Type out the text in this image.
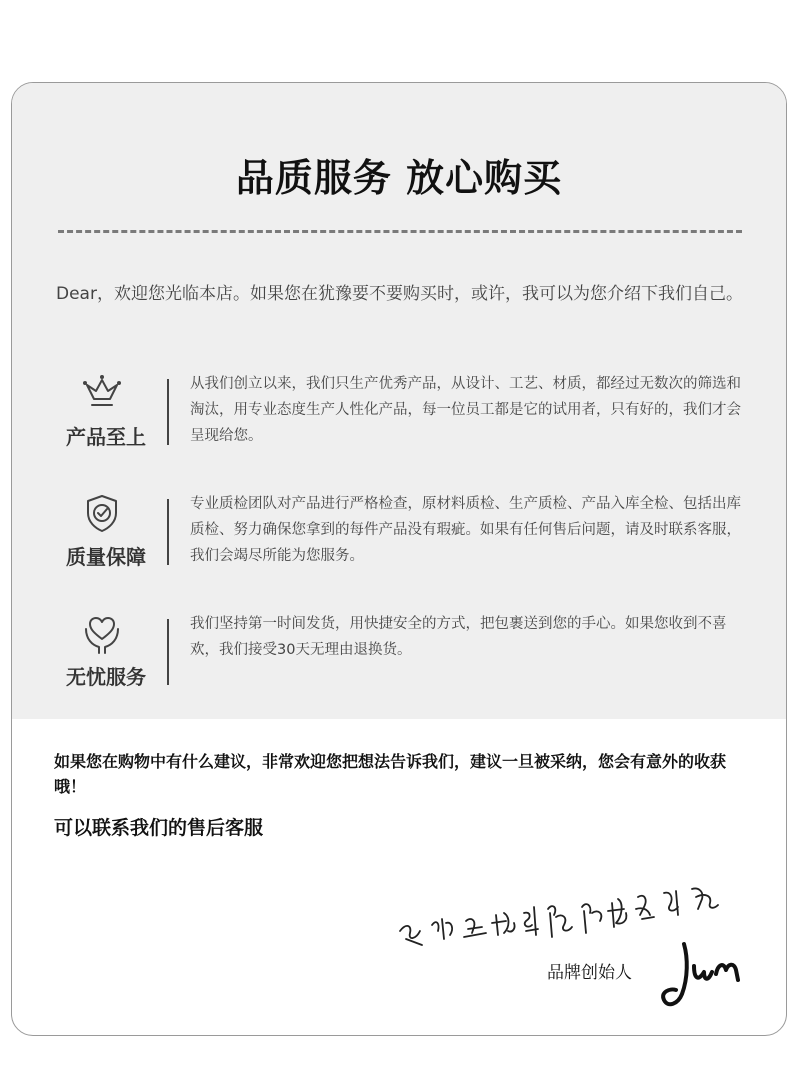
品质服务 放心购买
Dear，欢迎您光临本店。如果您在犹豫要不要购买时，或许，我可以为您介绍下我们自己。
产品至上
从我们创立以来，我们只生产优秀产品，从设计、工艺、材质，都经过无数次的筛选和淘汰，用专业态度生产人性化产品，每一位员工都是它的试用者，只有好的，我们才会呈现给您。
质量保障
专业质检团队对产品进行严格检查，原材料质检、生产质检、产品入库全检、包括出库质检、努力确保您拿到的每件产品没有瑕疵。如果有任何售后问题，请及时联系客服，我们会竭尽所能为您服务。
无忧服务
我们坚持第一时间发货，用快捷安全的方式，把包裹送到您的手心。如果您收到不喜欢，我们接受30天无理由退换货。
如果您在购物中有什么建议，非常欢迎您把想法告诉我们，建议一旦被采纳，您会有意外的收获哦！
可以联系我们的售后客服
品牌创始人
